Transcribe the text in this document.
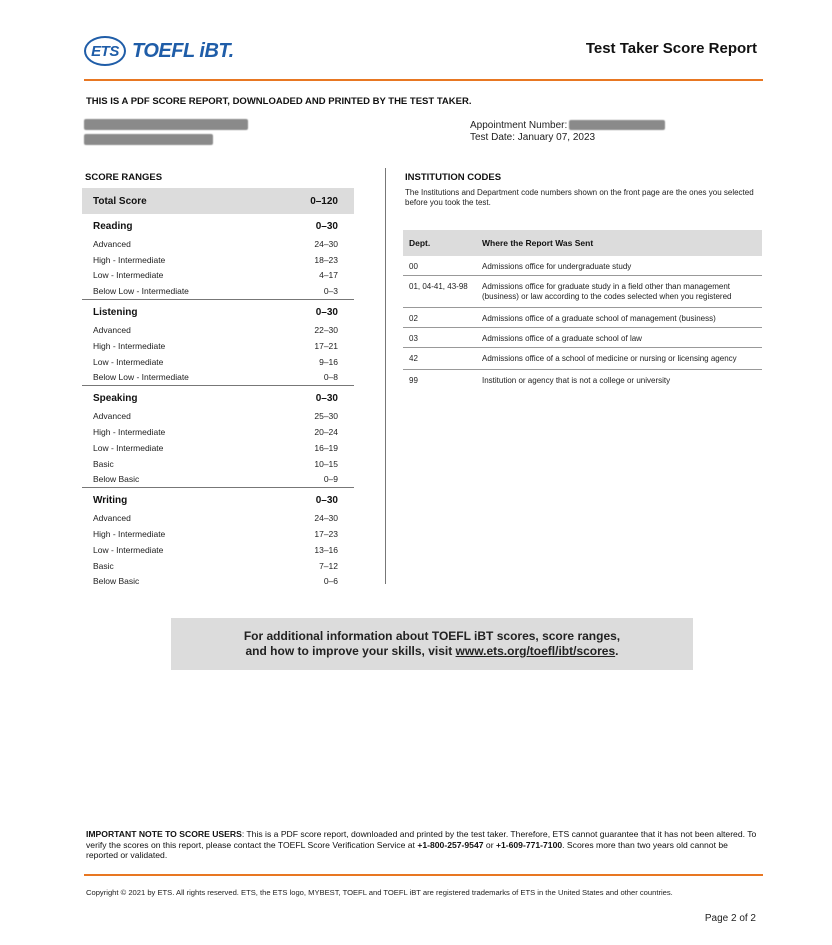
ETS TOEFL iBT.	Test Taker Score Report
THIS IS A PDF SCORE REPORT, DOWNLOADED AND PRINTED BY THE TEST TAKER.
Appointment Number:
Test Date: January 07, 2023
SCORE RANGES
Total Score	0–120
Reading	0–30
Advanced	24–30
High - Intermediate	18–23
Low - Intermediate	4–17
Below Low - Intermediate	0–3
Listening	0–30
Advanced	22–30
High - Intermediate	17–21
Low - Intermediate	9–16
Below Low - Intermediate	0–8
Speaking	0–30
Advanced	25–30
High - Intermediate	20–24
Low - Intermediate	16–19
Basic	10–15
Below Basic	0–9
Writing	0–30
Advanced	24–30
High - Intermediate	17–23
Low - Intermediate	13–16
Basic	7–12
Below Basic	0–6
INSTITUTION CODES
The Institutions and Department code numbers shown on the front page are the ones you selected before you took the test.
Dept.	Where the Report Was Sent
00	Admissions office for undergraduate study
01, 04-41, 43-98	Admissions office for graduate study in a field other than management (business) or law according to the codes selected when you registered
02	Admissions office of a graduate school of management (business)
03	Admissions office of a graduate school of law
42	Admissions office of a school of medicine or nursing or licensing agency
99	Institution or agency that is not a college or university
For additional information about TOEFL iBT scores, score ranges,
and how to improve your skills, visit www.ets.org/toefl/ibt/scores.
IMPORTANT NOTE TO SCORE USERS: This is a PDF score report, downloaded and printed by the test taker. Therefore, ETS cannot guarantee that it has not been altered. To verify the scores on this report, please contact the TOEFL Score Verification Service at +1-800-257-9547 or +1-609-771-7100. Scores more than two years old cannot be reported or validated.
Copyright © 2021 by ETS. All rights reserved. ETS, the ETS logo, MYBEST, TOEFL and TOEFL iBT are registered trademarks of ETS in the United States and other countries.
Page 2 of 2
